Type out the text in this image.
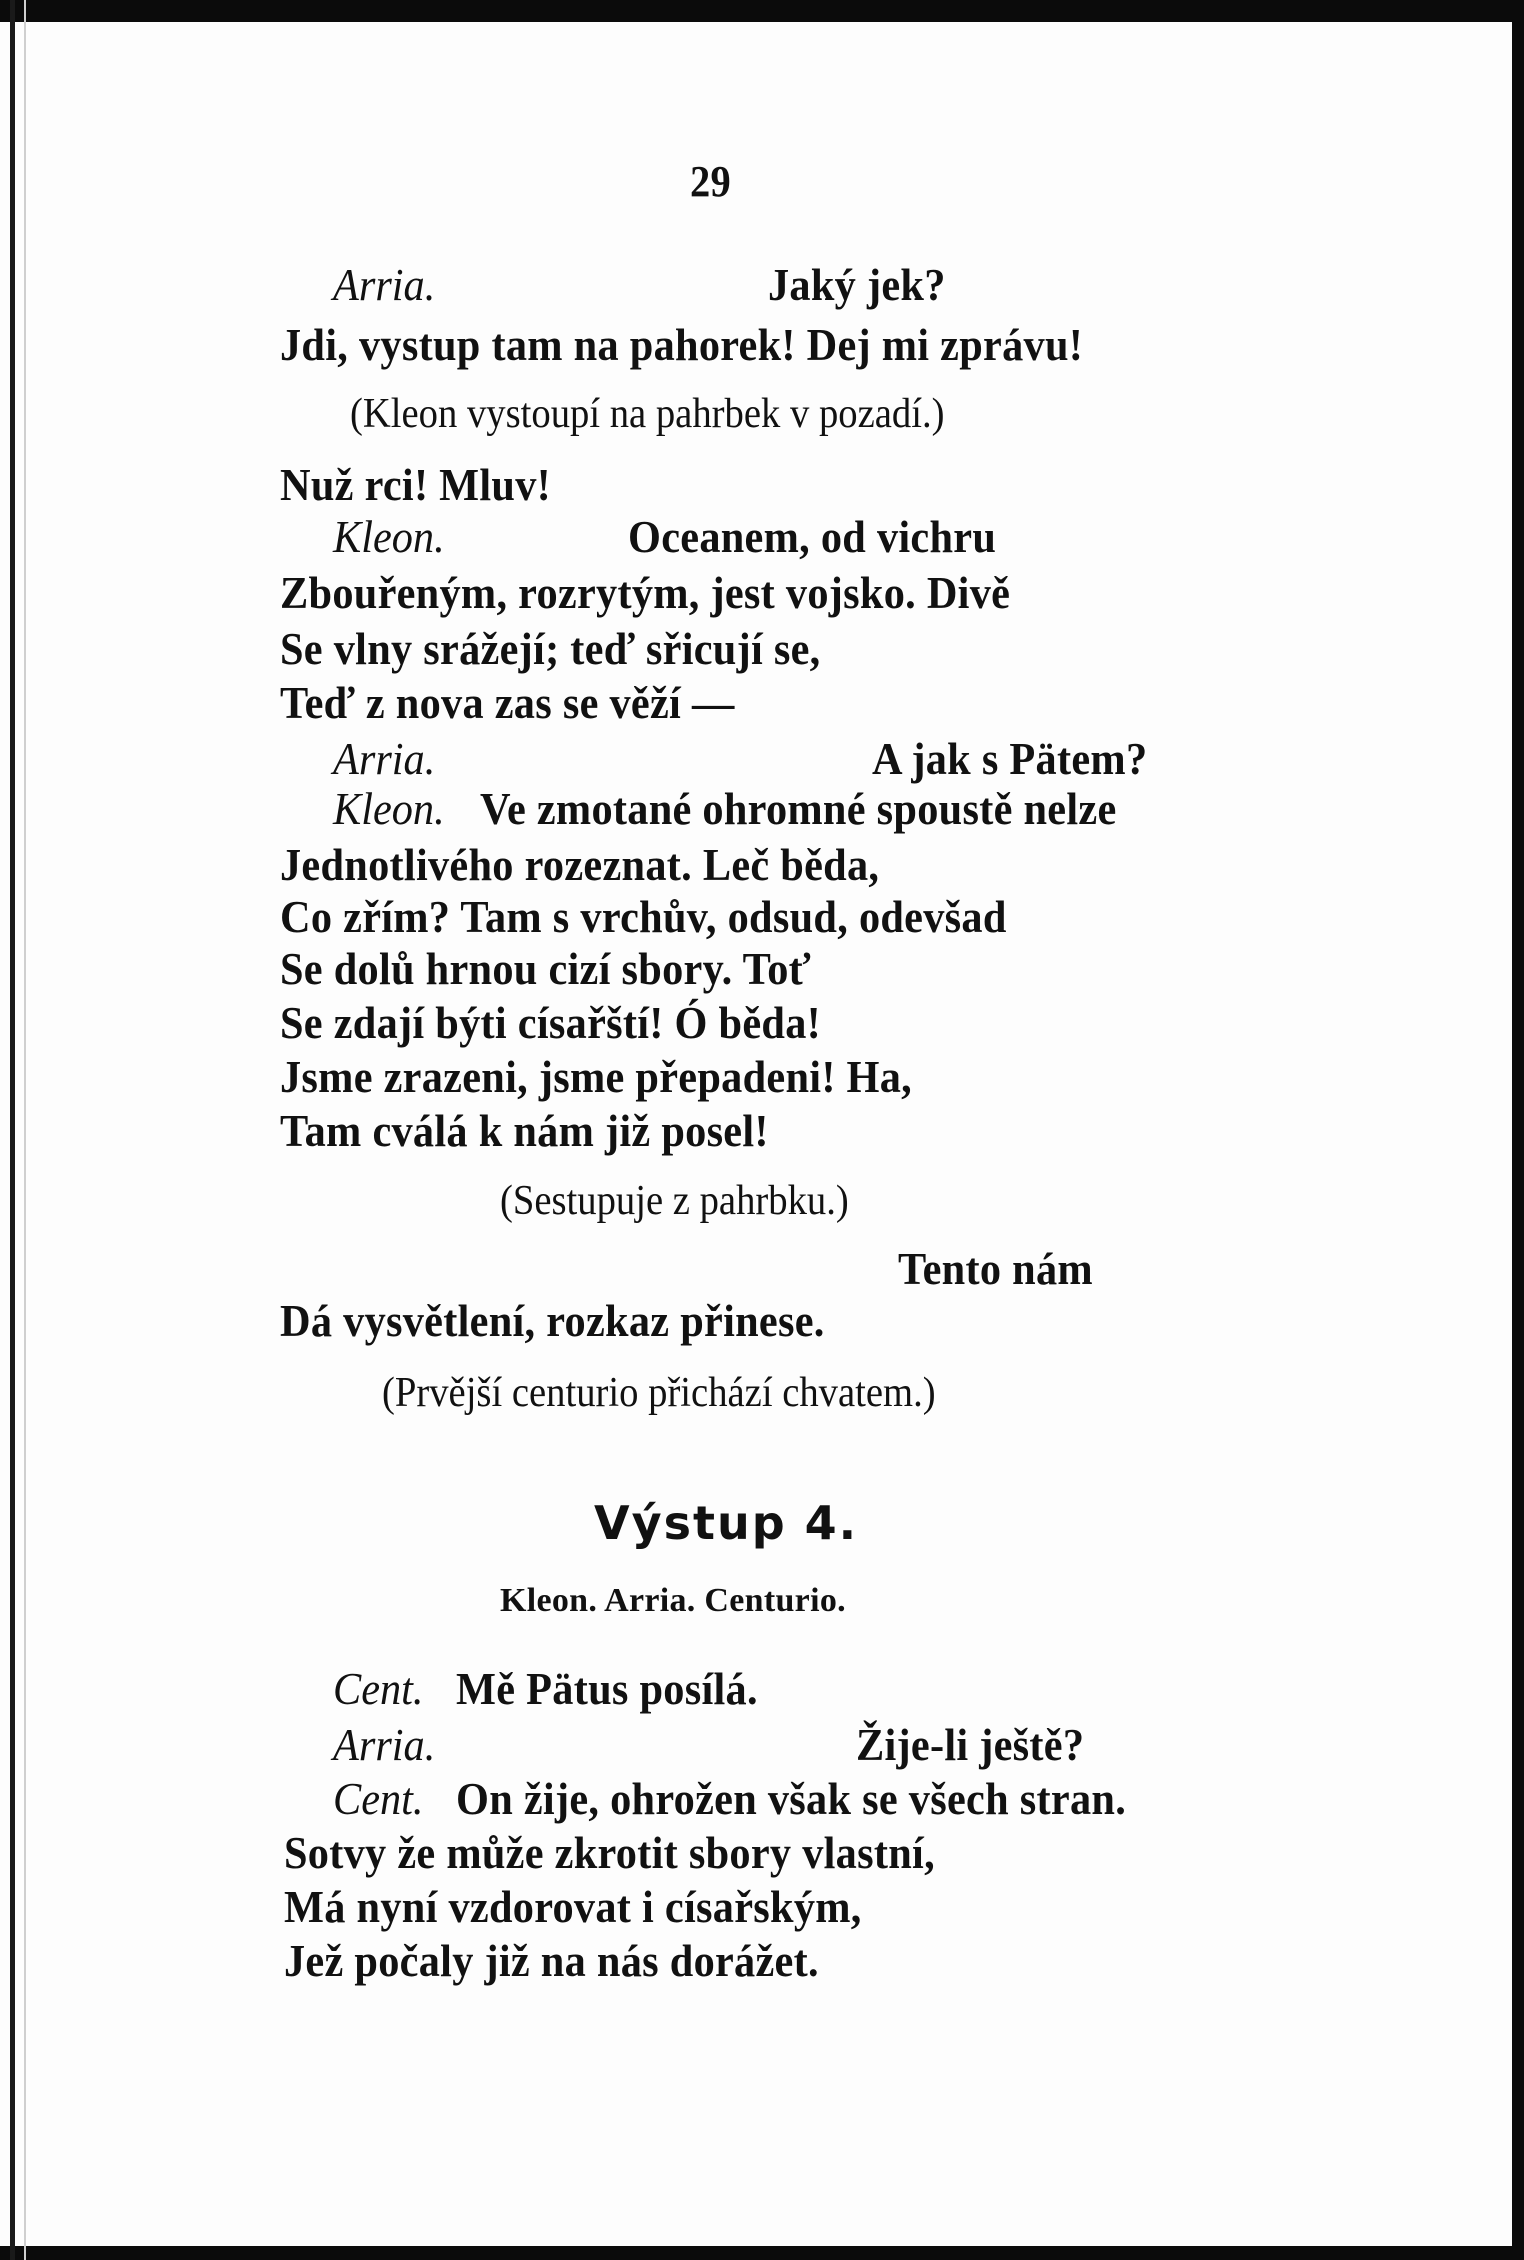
29
Arria.	Jaký jek?
Jdi, vystup tam na pahorek! Dej mi zprávu!
(Kleon vystoupí na pahrbek v pozadí.)
Nuž rci! Mluv!
Kleon.	Oceanem, od vichru
Zbouřeným, rozrytým, jest vojsko. Divě
Se vlny srážejí; teď sřicují se,
Teď z nova zas se věží —
Arria.	A jak s Pätem?
Kleon. Ve zmotané ohromné spoustě nelze
Jednotlivého rozeznat. Leč běda,
Co zřím? Tam s vrchův, odsud, odevšad
Se dolů hrnou cizí sbory. Toť
Se zdají býti císařští! Ó běda!
Jsme zrazeni, jsme přepadeni! Ha,
Tam cválá k nám již posel!
(Sestupuje z pahrbku.)
Tento nám
Dá vysvětlení, rozkaz přinese.
(Prvější centurio přichází chvatem.)
Výstup 4.
Kleon. Arria. Centurio.
Cent. Mě Pätus posílá.
Arria.	Žije-li ještě?
Cent. On žije, ohrožen však se všech stran.
Sotvy že může zkrotit sbory vlastní,
Má nyní vzdorovat i císařským,
Jež počaly již na nás dorážet.
